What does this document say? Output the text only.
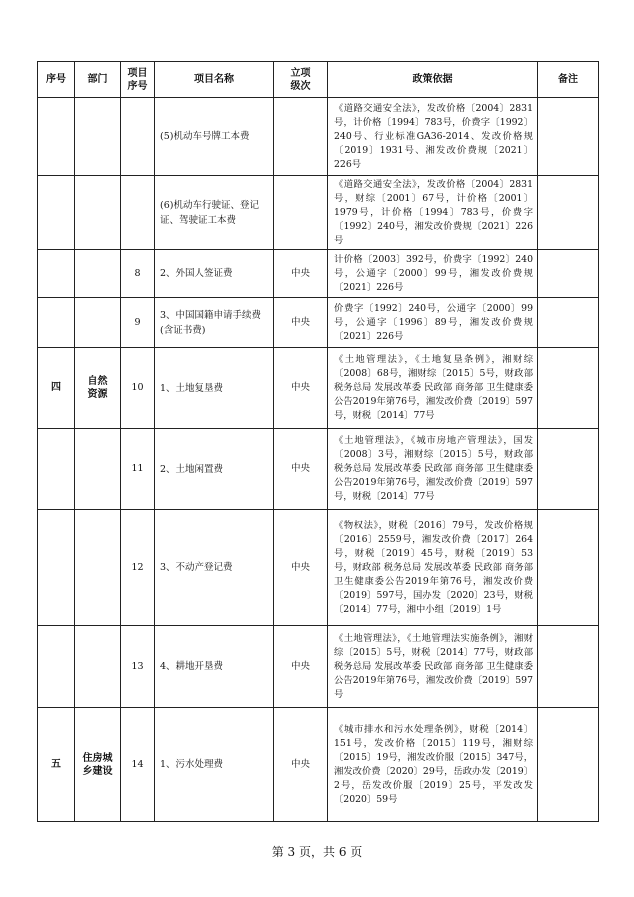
序号	部门	项目序号	项目名称	立项级次	政策依据	备注
			(5)机动车号牌工本费		《道路交通安全法》，发改价格〔2004〕2831号，计价格〔1994〕783号，价费字〔1992〕240号、行业标准GA36-2014、发改价格规〔2019〕1931号、湘发改价费规〔2021〕226号	
			(6)机动车行驶证、登记证、驾驶证工本费		《道路交通安全法》，发改价格〔2004〕2831号，财综〔2001〕67号，计价格〔2001〕1979号，计价格〔1994〕783号，价费字〔1992〕240号，湘发改价费规〔2021〕226号	
		8	2、外国人签证费	中央	计价格〔2003〕392号，价费字〔1992〕240号，公通字〔2000〕99号，湘发改价费规〔2021〕226号	
		9	3、中国国籍申请手续费(含证书费)	中央	价费字〔1992〕240号，公通字〔2000〕99号，公通字〔1996〕89号，湘发改价费规〔2021〕226号	
四	自然资源	10	1、土地复垦费	中央	《土地管理法》，《土地复垦条例》，湘财综〔2008〕68号，湘财综〔2015〕5号，财政部 税务总局 发展改革委 民政部 商务部 卫生健康委公告2019年第76号，湘发改价费〔2019〕597号，财税〔2014〕77号	
		11	2、土地闲置费	中央	《土地管理法》，《城市房地产管理法》，国发〔2008〕3号，湘财综〔2015〕5号，财政部 税务总局 发展改革委 民政部 商务部 卫生健康委公告2019年第76号，湘发改价费〔2019〕597号，财税〔2014〕77号	
		12	3、不动产登记费	中央	《物权法》，财税〔2016〕79号，发改价格规〔2016〕2559号，湘发改价费〔2017〕264号，财税〔2019〕45号，财税〔2019〕53号，财政部 税务总局 发展改革委 民政部 商务部 卫生健康委公告2019年第76号，湘发改价费〔2019〕597号，国办发〔2020〕23号，财税〔2014〕77号，湘中小组〔2019〕1号	
		13	4、耕地开垦费	中央	《土地管理法》，《土地管理法实施条例》，湘财综〔2015〕5号，财税〔2014〕77号，财政部 税务总局 发展改革委 民政部 商务部 卫生健康委公告2019年第76号，湘发改价费〔2019〕597号	
五	住房城乡建设	14	1、污水处理费	中央	《城市排水和污水处理条例》，财税〔2014〕151号，发改价格〔2015〕119号，湘财综〔2015〕19号，湘发改价服〔2015〕347号，湘发改价费〔2020〕29号，岳政办发〔2019〕2号，岳发改价服〔2019〕25号，平发改发〔2020〕59号	
第 3 页，共 6 页
